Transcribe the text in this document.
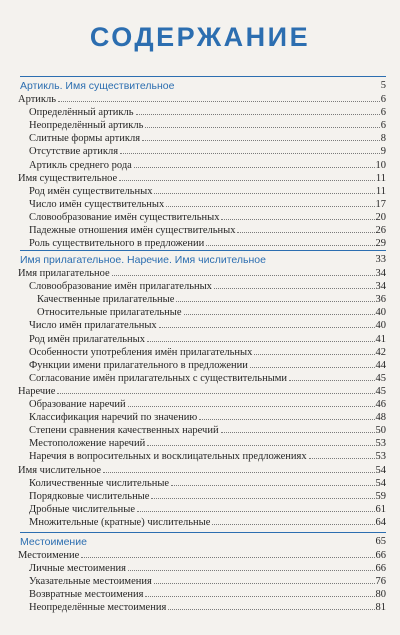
СОДЕРЖАНИЕ
Артикль. Имя существительное	5
Артикль	6
Определённый артикль	6
Неопределённый артикль	6
Слитные формы артикля	8
Отсутствие артикля	9
Артикль среднего рода	10
Имя существительное	11
Род имён существительных	11
Число имён существительных	17
Словообразование имён существительных	20
Падежные отношения имён существительных	26
Роль существительного в предложении	29
Имя прилагательное. Наречие. Имя числительное	33
Имя прилагательное	34
Словообразование имён прилагательных	34
Качественные прилагательные	36
Относительные прилагательные	40
Число имён прилагательных	40
Род имён прилагательных	41
Особенности употребления имён прилагательных	42
Функции имени прилагательного в предложении	44
Согласование имён прилагательных с существительными	45
Наречие	45
Образование наречий	46
Классификация наречий по значению	48
Степени сравнения качественных наречий	50
Местоположение наречий	53
Наречия в вопросительных и восклицательных предложениях	53
Имя числительное	54
Количественные числительные	54
Порядковые числительные	59
Дробные числительные	61
Множительные (кратные) числительные	64
Местоимение	65
Местоимение	66
Личные местоимения	66
Указательные местоимения	76
Возвратные местоимения	80
Неопределённые местоимения	81
